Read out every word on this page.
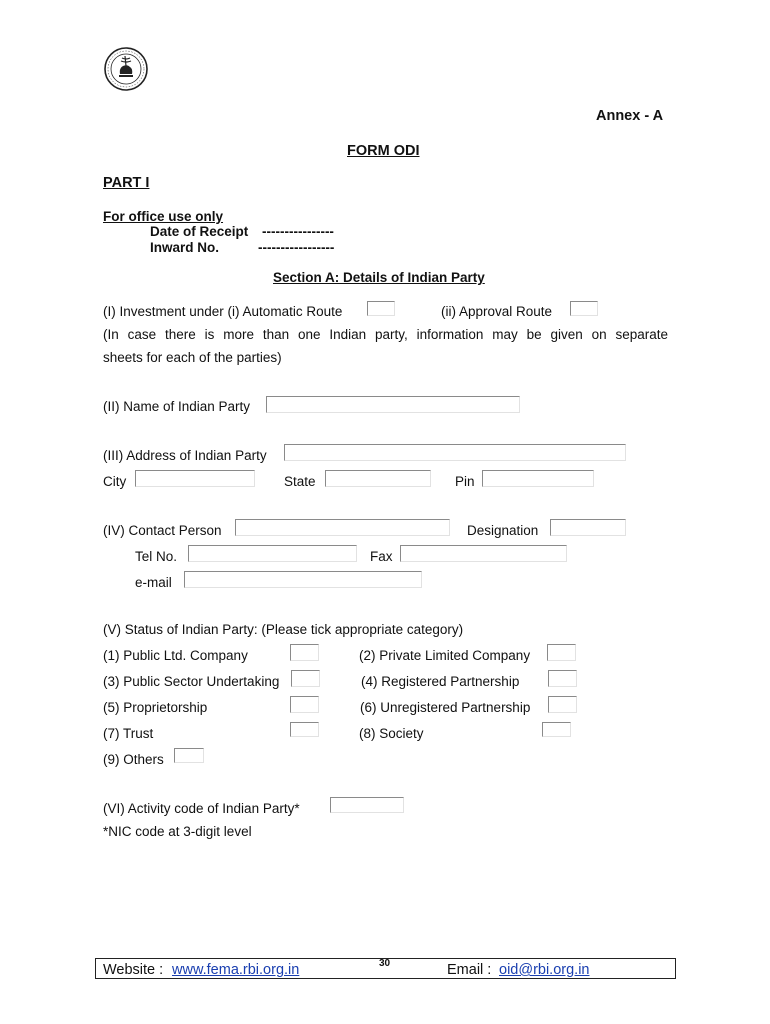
Annex - A
FORM ODI
PART I
For office use only
Date of Receipt ----------------
Inward No.	-----------------
Section A: Details of Indian Party
(I) Investment under (i) Automatic Route	(ii) Approval Route
(In case there is more than one Indian party, information may be given on separate
sheets for each of the parties)
(II) Name of Indian Party
(III) Address of Indian Party
City	State	Pin
(IV) Contact Person	Designation
Tel No.	Fax
e-mail
(V) Status of Indian Party: (Please tick appropriate category)
(1) Public Ltd. Company	(2) Private Limited Company
(3) Public Sector Undertaking	(4) Registered Partnership
(5) Proprietorship	(6) Unregistered Partnership
(7) Trust	(8) Society
(9) Others
(VI) Activity code of Indian Party*
*NIC code at 3-digit level
Website : www.fema.rbi.org.in	30	Email : oid@rbi.org.in
